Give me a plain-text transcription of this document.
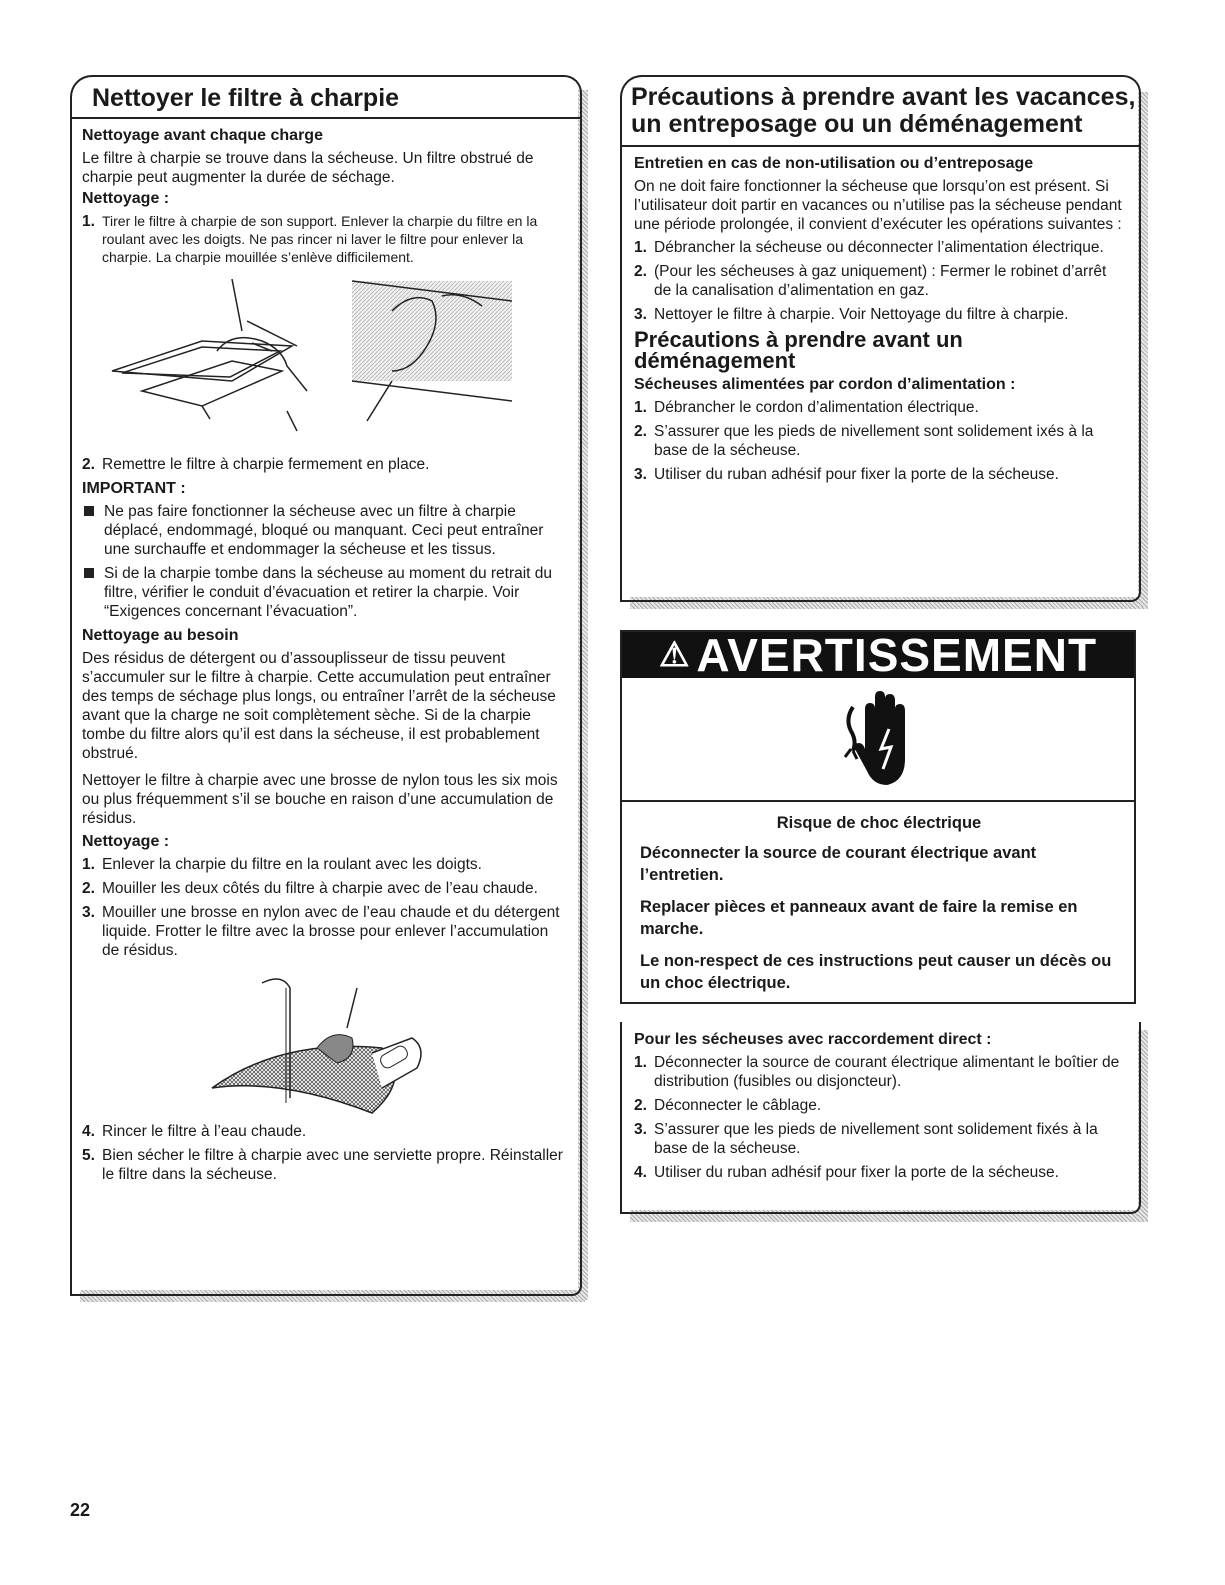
Nettoyer le filtre à charpie
Nettoyage avant chaque charge

Le filtre à charpie se trouve dans la sécheuse. Un filtre obstrué de charpie peut augmenter la durée de séchage.

Nettoyage :
1. Tirer le filtre à charpie de son support. Enlever la charpie du filtre en la roulant avec les doigts. Ne pas rincer ni laver le filtre pour enlever la charpie. La charpie mouillée s’enlève difficilement.
2. Remettre le filtre à charpie fermement en place.
IMPORTANT :
Ne pas faire fonctionner la sécheuse avec un filtre à charpie déplacé, endommagé, bloqué ou manquant. Ceci peut entraîner une surchauffe et endommager la sécheuse et les tissus.
Si de la charpie tombe dans la sécheuse au moment du retrait du filtre, vérifier le conduit d’évacuation et retirer la charpie. Voir “Exigences concernant l’évacuation”.
Nettoyage au besoin

Des résidus de détergent ou d’assouplisseur de tissu peuvent s’accumuler sur le filtre à charpie. Cette accumulation peut entraîner des temps de séchage plus longs, ou entraîner l’arrêt de la sécheuse avant que la charge ne soit complètement sèche. Si de la charpie tombe du filtre alors qu’il est dans la sécheuse, il est probablement obstrué.

Nettoyer le filtre à charpie avec une brosse de nylon tous les six mois ou plus fréquemment s’il se bouche en raison d’une accumulation de résidus.

Nettoyage :
1. Enlever la charpie du filtre en la roulant avec les doigts.
2. Mouiller les deux côtés du filtre à charpie avec de l’eau chaude.
3. Mouiller une brosse en nylon avec de l’eau chaude et du détergent liquide. Frotter le filtre avec la brosse pour enlever l’accumulation de résidus.
4. Rincer le filtre à l’eau chaude.
5. Bien sécher le filtre à charpie avec une serviette propre. Réinstaller le filtre dans la sécheuse.
Précautions à prendre avant les vacances,
un entreposage ou un déménagement
Entretien en cas de non-utilisation ou d’entreposage

On ne doit faire fonctionner la sécheuse que lorsqu’on est présent. Si l’utilisateur doit partir en vacances ou n’utilise pas la sécheuse pendant une période prolongée, il convient d’exécuter les opérations suivantes :

1. Débrancher la sécheuse ou déconnecter l’alimentation électrique.
2. (Pour les sécheuses à gaz uniquement) : Fermer le robinet d’arrêt de la canalisation d’alimentation en gaz.
3. Nettoyer le filtre à charpie. Voir Nettoyage du filtre à charpie.
Précautions à prendre avant un
déménagement
Sécheuses alimentées par cordon d’alimentation :
1. Débrancher le cordon d’alimentation électrique.
2. S’assurer que les pieds de nivellement sont solidement ixés à la base de la sécheuse.
3. Utiliser du ruban adhésif pour fixer la porte de la sécheuse.
⚠ AVERTISSEMENT
Risque de choc électrique

Déconnecter la source de courant électrique avant l’entretien.

Replacer pièces et panneaux avant de faire la remise en marche.

Le non-respect de ces instructions peut causer un décès ou un choc électrique.

Pour les sécheuses avec raccordement direct :
1. Déconnecter la source de courant électrique alimentant le boîtier de distribution (fusibles ou disjoncteur).
2. Déconnecter le câblage.
3. S’assurer que les pieds de nivellement sont solidement fixés à la base de la sécheuse.
4. Utiliser du ruban adhésif pour fixer la porte de la sécheuse.
22
